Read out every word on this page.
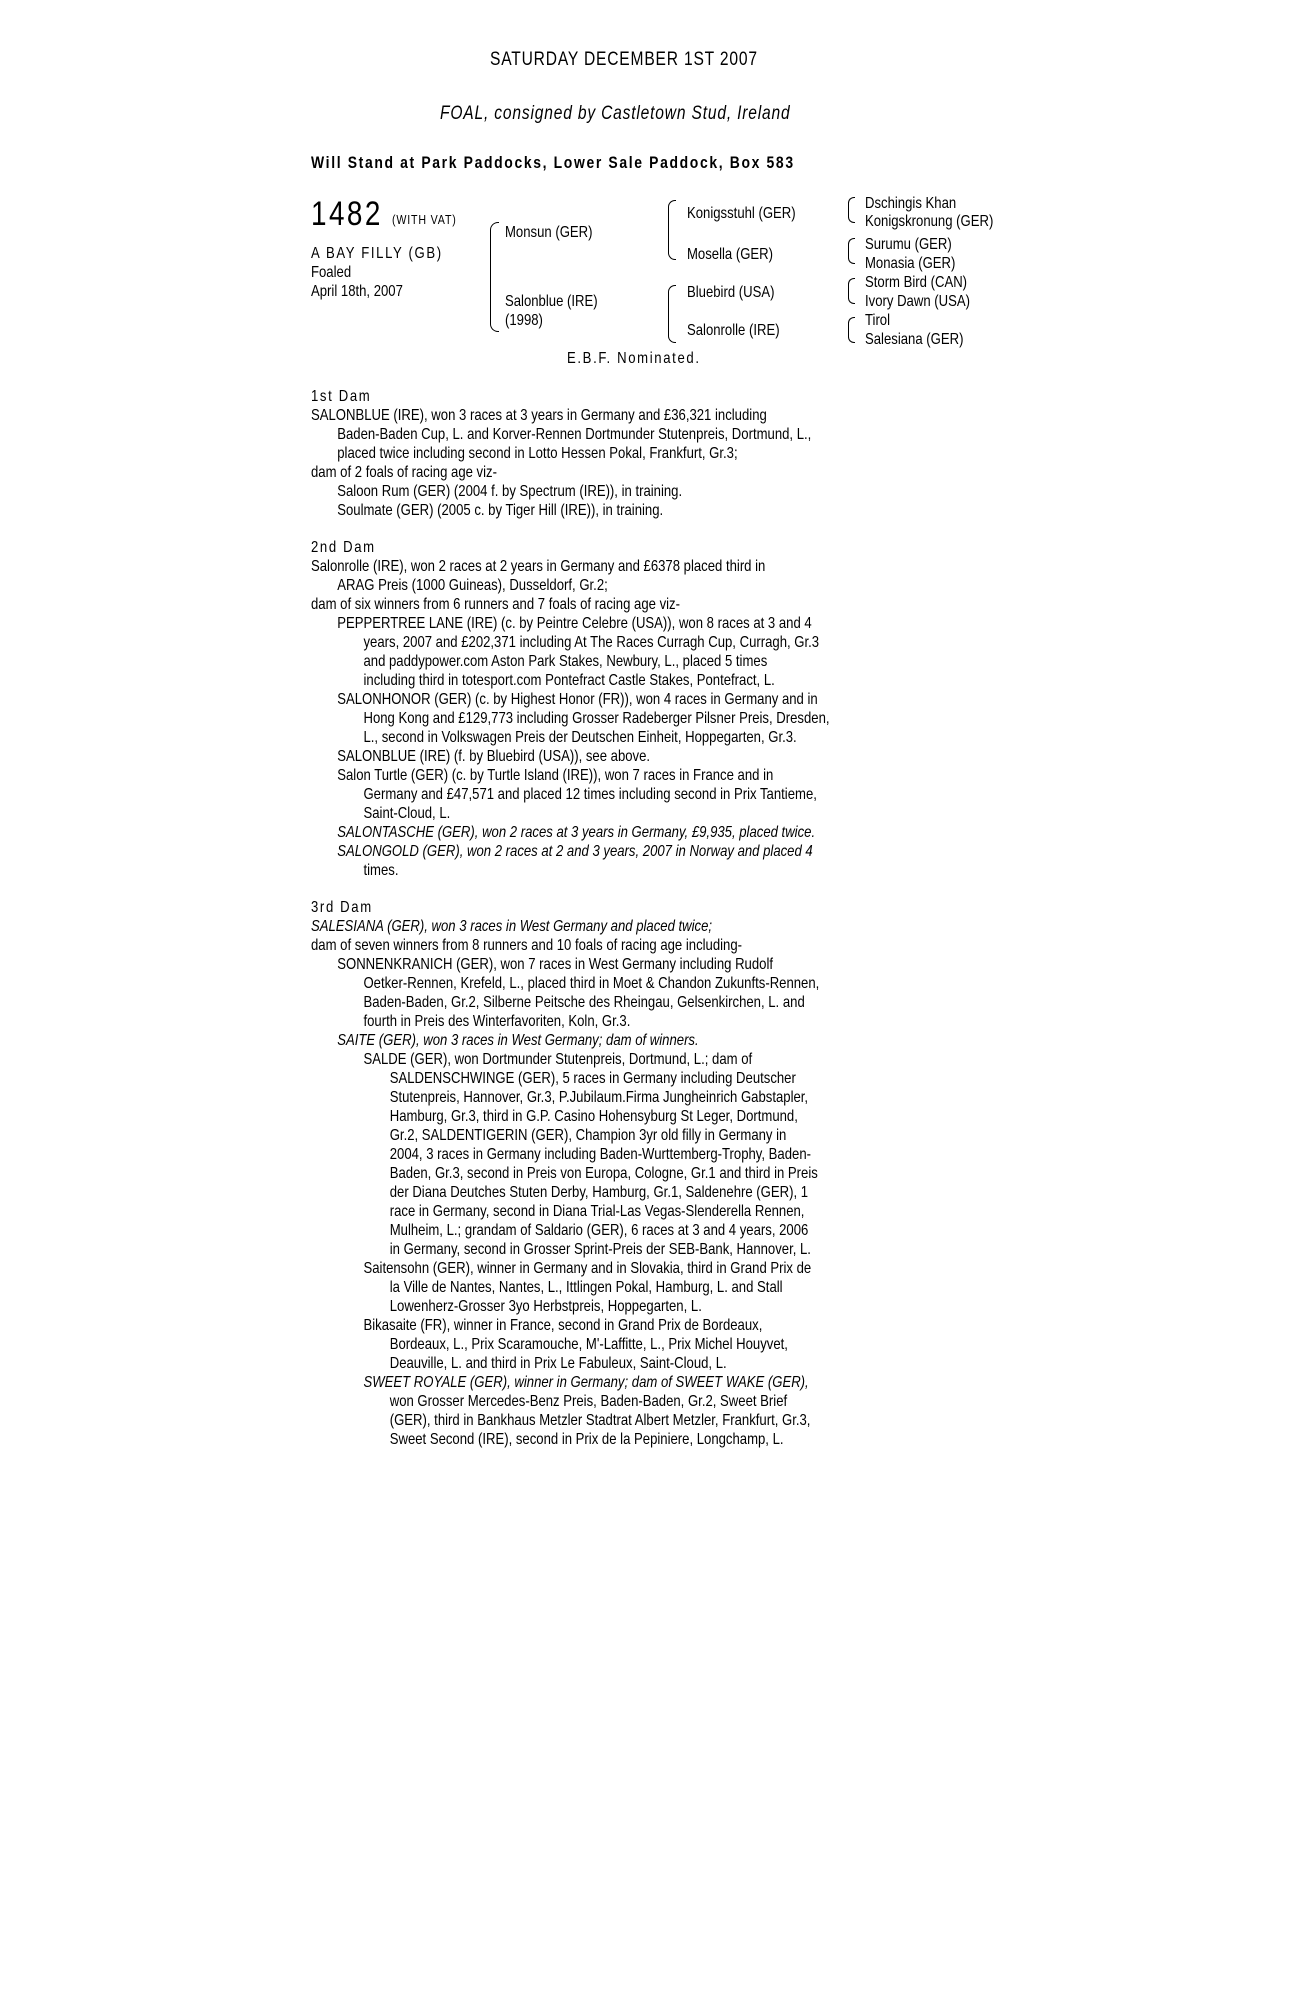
SATURDAY DECEMBER 1ST 2007
FOAL, consigned by Castletown Stud, Ireland
Will Stand at Park Paddocks, Lower Sale Paddock, Box 583
1482 (WITH VAT)
A BAY FILLY (GB)
Foaled
April 18th, 2007
Monsun (GER)
Salonblue (IRE)
(1998)
Konigsstuhl (GER)
Mosella (GER)
Bluebird (USA)
Salonrolle (IRE)
Dschingis Khan
Konigskronung (GER)
Surumu (GER)
Monasia (GER)
Storm Bird (CAN)
Ivory Dawn (USA)
Tirol
Salesiana (GER)
E.B.F. Nominated.
1st Dam
SALONBLUE (IRE), won 3 races at 3 years in Germany and £36,321 including
Baden-Baden Cup, L. and Korver-Rennen Dortmunder Stutenpreis, Dortmund, L.,
placed twice including second in Lotto Hessen Pokal, Frankfurt, Gr.3;
dam of 2 foals of racing age viz-
Saloon Rum (GER) (2004 f. by Spectrum (IRE)), in training.
Soulmate (GER) (2005 c. by Tiger Hill (IRE)), in training.
2nd Dam
Salonrolle (IRE), won 2 races at 2 years in Germany and £6378 placed third in
ARAG Preis (1000 Guineas), Dusseldorf, Gr.2;
dam of six winners from 6 runners and 7 foals of racing age viz-
PEPPERTREE LANE (IRE) (c. by Peintre Celebre (USA)), won 8 races at 3 and 4
years, 2007 and £202,371 including At The Races Curragh Cup, Curragh, Gr.3
and paddypower.com Aston Park Stakes, Newbury, L., placed 5 times
including third in totesport.com Pontefract Castle Stakes, Pontefract, L.
SALONHONOR (GER) (c. by Highest Honor (FR)), won 4 races in Germany and in
Hong Kong and £129,773 including Grosser Radeberger Pilsner Preis, Dresden,
L., second in Volkswagen Preis der Deutschen Einheit, Hoppegarten, Gr.3.
SALONBLUE (IRE) (f. by Bluebird (USA)), see above.
Salon Turtle (GER) (c. by Turtle Island (IRE)), won 7 races in France and in
Germany and £47,571 and placed 12 times including second in Prix Tantieme,
Saint-Cloud, L.
SALONTASCHE (GER), won 2 races at 3 years in Germany, £9,935, placed twice.
SALONGOLD (GER), won 2 races at 2 and 3 years, 2007 in Norway and placed 4
times.
3rd Dam
SALESIANA (GER), won 3 races in West Germany and placed twice;
dam of seven winners from 8 runners and 10 foals of racing age including-
SONNENKRANICH (GER), won 7 races in West Germany including Rudolf
Oetker-Rennen, Krefeld, L., placed third in Moet & Chandon Zukunfts-Rennen,
Baden-Baden, Gr.2, Silberne Peitsche des Rheingau, Gelsenkirchen, L. and
fourth in Preis des Winterfavoriten, Koln, Gr.3.
SAITE (GER), won 3 races in West Germany; dam of winners.
SALDE (GER), won Dortmunder Stutenpreis, Dortmund, L.; dam of
SALDENSCHWINGE (GER), 5 races in Germany including Deutscher
Stutenpreis, Hannover, Gr.3, P.Jubilaum.Firma Jungheinrich Gabstapler,
Hamburg, Gr.3, third in G.P. Casino Hohensyburg St Leger, Dortmund,
Gr.2, SALDENTIGERIN (GER), Champion 3yr old filly in Germany in
2004, 3 races in Germany including Baden-Wurttemberg-Trophy, Baden-
Baden, Gr.3, second in Preis von Europa, Cologne, Gr.1 and third in Preis
der Diana Deutches Stuten Derby, Hamburg, Gr.1, Saldenehre (GER), 1
race in Germany, second in Diana Trial-Las Vegas-Slenderella Rennen,
Mulheim, L.; grandam of Saldario (GER), 6 races at 3 and 4 years, 2006
in Germany, second in Grosser Sprint-Preis der SEB-Bank, Hannover, L.
Saitensohn (GER), winner in Germany and in Slovakia, third in Grand Prix de
la Ville de Nantes, Nantes, L., Ittlingen Pokal, Hamburg, L. and Stall
Lowenherz-Grosser 3yo Herbstpreis, Hoppegarten, L.
Bikasaite (FR), winner in France, second in Grand Prix de Bordeaux,
Bordeaux, L., Prix Scaramouche, M'-Laffitte, L., Prix Michel Houyvet,
Deauville, L. and third in Prix Le Fabuleux, Saint-Cloud, L.
SWEET ROYALE (GER), winner in Germany; dam of SWEET WAKE (GER),
won Grosser Mercedes-Benz Preis, Baden-Baden, Gr.2, Sweet Brief
(GER), third in Bankhaus Metzler Stadtrat Albert Metzler, Frankfurt, Gr.3,
Sweet Second (IRE), second in Prix de la Pepiniere, Longchamp, L.
